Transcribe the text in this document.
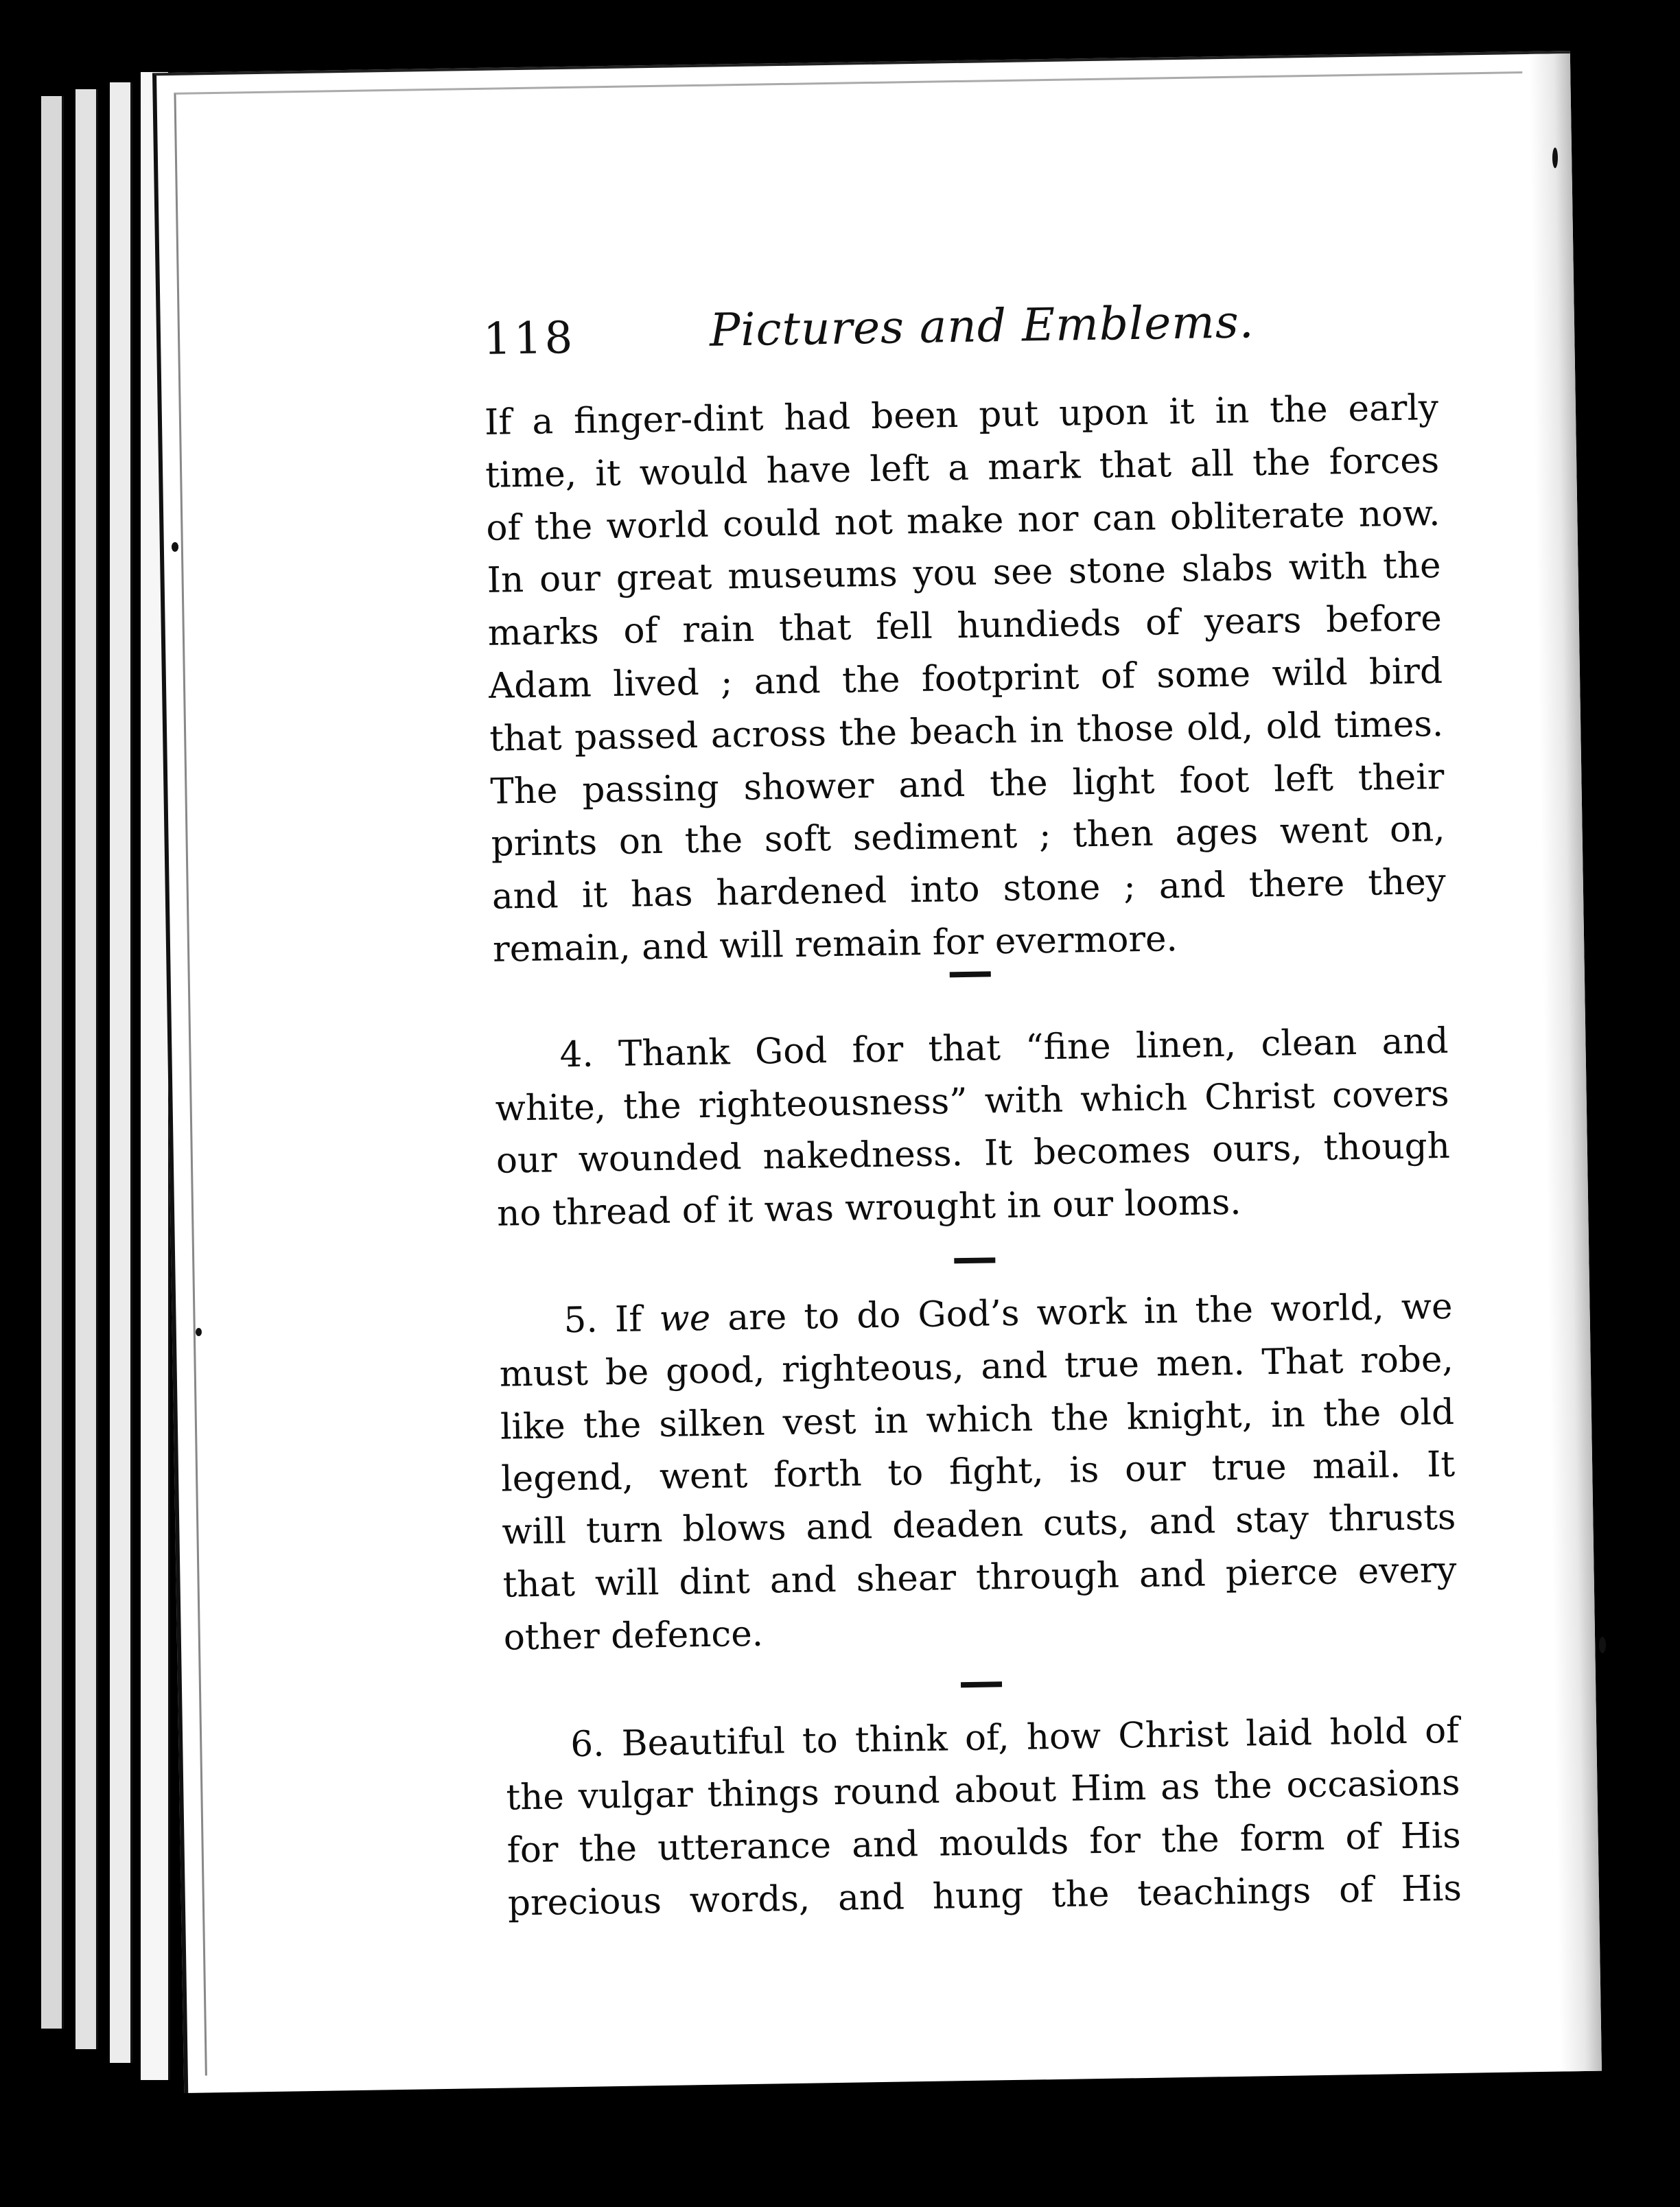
118	Pictures and Emblems.
If a finger-dint had been put upon it in the early
time, it would have left a mark that all the forces
of the world could not make nor can obliterate now.
In our great museums you see stone slabs with the
marks of rain that fell hundieds of years before
Adam lived ; and the footprint of some wild bird
that passed across the beach in those old, old times.
The passing shower and the light foot left their
prints on the soft sediment ; then ages went on,
and it has hardened into stone ; and there they
remain, and will remain for evermore.
4. Thank God for that “fine linen, clean and
white, the righteousness” with which Christ covers
our wounded nakedness. It becomes ours, though
no thread of it was wrought in our looms.
5. If we are to do God’s work in the world, we
must be good, righteous, and true men. That robe,
like the silken vest in which the knight, in the old
legend, went forth to fight, is our true mail. It
will turn blows and deaden cuts, and stay thrusts
that will dint and shear through and pierce every
other defence.
6. Beautiful to think of, how Christ laid hold of
the vulgar things round about Him as the occasions
for the utterance and moulds for the form of His
precious words, and hung the teachings of His
